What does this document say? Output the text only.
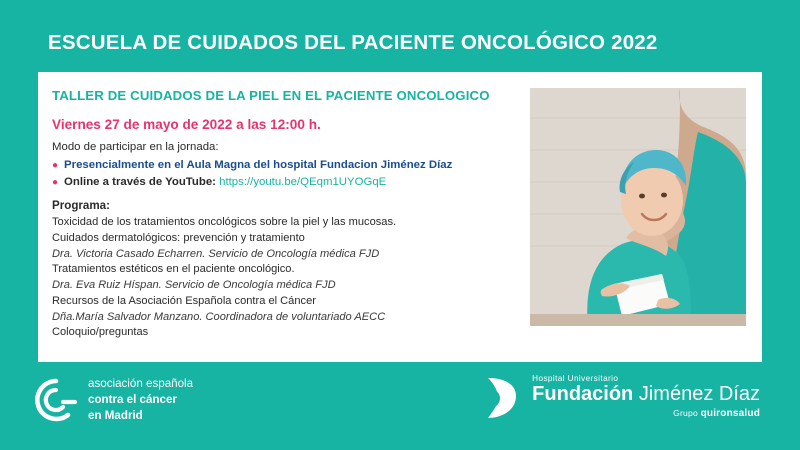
ESCUELA DE CUIDADOS DEL PACIENTE ONCOLÓGICO 2022
TALLER DE CUIDADOS DE LA PIEL EN EL PACIENTE ONCOLOGICO
Viernes 27 de mayo de 2022 a las 12:00 h.
Modo de participar en la jornada:
● Presencialmente en el Aula Magna del hospital Fundacion Jiménez Díaz
● Online a través de YouTube: https://youtu.be/QEqm1UYOGqE
Programa:
Toxicidad de los tratamientos oncológicos sobre la piel y las mucosas.
Cuidados dermatológicos: prevención y tratamiento
Dra. Victoria Casado Echarren. Servicio de Oncología médica FJD
Tratamientos estéticos en el paciente oncológico.
Dra. Eva Ruiz Híspan. Servicio de Oncología médica FJD
Recursos de la Asociación Española contra el Cáncer
Dña.María Salvador Manzano. Coordinadora de voluntariado AECC
Coloquio/preguntas
asociación española
contra el cáncer
en Madrid
Hospital Universitario
Fundación Jiménez Díaz
Grupo quironsalud
